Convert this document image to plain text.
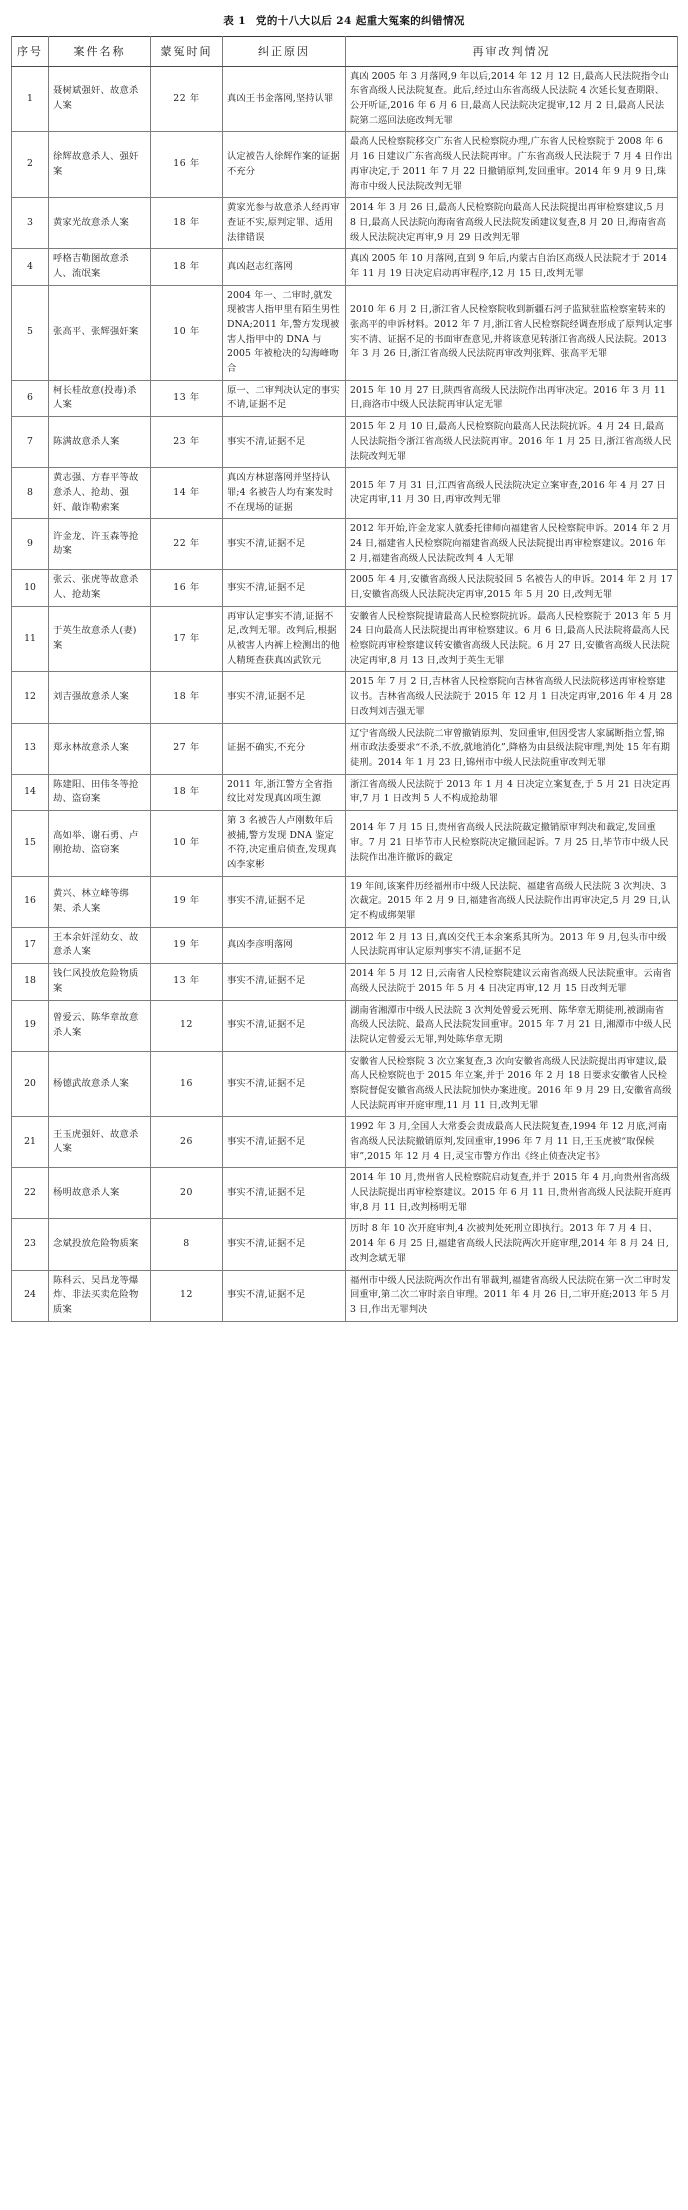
表 1 党的十八大以后 24 起重大冤案的纠错情况
序号	案件名称	蒙冤时间	纠正原因	再审改判情况
1	聂树斌强奸、故意杀人案	22 年	真凶王书金落网,坚持认罪	真凶 2005 年 3 月落网,9 年以后,2014 年 12 月 12 日,最高人民法院指令山东省高级人民法院复查。此后,经过山东省高级人民法院 4 次延长复查期限、公开听证,2016 年 6 月 6 日,最高人民法院决定提审,12 月 2 日,最高人民法院第二巡回法庭改判无罪
2	徐辉故意杀人、强奸案	16 年	认定被告人徐辉作案的证据不充分	最高人民检察院移交广东省人民检察院办理,广东省人民检察院于 2008 年 6 月 16 日建议广东省高级人民法院再审。广东省高级人民法院于 7 月 4 日作出再审决定,于 2011 年 7 月 22 日撤销原判,发回重审。2014 年 9 月 9 日,珠海市中级人民法院改判无罪
3	黄家光故意杀人案	18 年	黄家光参与故意杀人经再审查证不实,原判定罪、适用法律错误	2014 年 3 月 26 日,最高人民检察院向最高人民法院提出再审检察建议,5 月 8 日,最高人民法院向海南省高级人民法院发函建议复查,8 月 20 日,海南省高级人民法院决定再审,9 月 29 日改判无罪
4	呼格吉勒图故意杀人、流氓案	18 年	真凶赵志红落网	真凶 2005 年 10 月落网,直到 9 年后,内蒙古自治区高级人民法院才于 2014 年 11 月 19 日决定启动再审程序,12 月 15 日,改判无罪
5	张高平、张辉强奸案	10 年	2004 年一、二审时,就发现被害人指甲里有陌生男性 DNA;2011 年,警方发现被害人指甲中的 DNA 与 2005 年被枪决的勾海峰吻合	2010 年 6 月 2 日,浙江省人民检察院收到新疆石河子监狱驻监检察室转来的张高平的申诉材料。2012 年 7 月,浙江省人民检察院经调查形成了原判认定事实不清、证据不足的书面审查意见,并将该意见转浙江省高级人民法院。2013 年 3 月 26 日,浙江省高级人民法院再审改判张辉、张高平无罪
6	柯长桂故意(投毒)杀人案	13 年	原一、二审判决认定的事实不请,证据不足	2015 年 10 月 27 日,陕西省高级人民法院作出再审决定。2016 年 3 月 11 日,商洛市中级人民法院再审认定无罪
7	陈满故意杀人案	23 年	事实不清,证据不足	2015 年 2 月 10 日,最高人民检察院向最高人民法院抗诉。4 月 24 日,最高人民法院指令浙江省高级人民法院再审。2016 年 1 月 25 日,浙江省高级人民法院改判无罪
8	黄志强、方春平等故意杀人、抢劫、强奸、敲诈勒索案	14 年	真凶方林崽落网并坚持认罪;4 名被告人均有案发时不在现场的证据	2015 年 7 月 31 日,江西省高级人民法院决定立案审查,2016 年 4 月 27 日决定再审,11 月 30 日,再审改判无罪
9	许金龙、许玉森等抢劫案	22 年	事实不清,证据不足	2012 年开始,许金龙家人就委托律师向福建省人民检察院申诉。2014 年 2 月 24 日,福建省人民检察院向福建省高级人民法院提出再审检察建议。2016 年 2 月,福建省高级人民法院改判 4 人无罪
10	张云、张虎等故意杀人、抢劫案	16 年	事实不清,证据不足	2005 年 4 月,安徽省高级人民法院驳回 5 名被告人的申诉。2014 年 2 月 17 日,安徽省高级人民法院决定再审,2015 年 5 月 20 日,改判无罪
11	于英生故意杀人(妻)案	17 年	再审认定事实不清,证据不足,改判无罪。改判后,根据从被害人内裤上检测出的他人精斑查获真凶武钦元	安徽省人民检察院提请最高人民检察院抗诉。最高人民检察院于 2013 年 5 月 24 日向最高人民法院提出再审检察建议。6 月 6 日,最高人民法院将最高人民检察院再审检察建议转安徽省高级人民法院。6 月 27 日,安徽省高级人民法院决定再审,8 月 13 日,改判于英生无罪
12	刘吉强故意杀人案	18 年	事实不清,证据不足	2015 年 7 月 2 日,吉林省人民检察院向吉林省高级人民法院移送再审检察建议书。吉林省高级人民法院于 2015 年 12 月 1 日决定再审,2016 年 4 月 28 日改判刘吉强无罪
13	郑永林故意杀人案	27 年	证据不确实,不充分	辽宁省高级人民法院二审曾撤销原判、发回重审,但因受害人家属断指立誓,锦州市政法委要求“不杀,不放,就地消化”,降格为由县级法院审理,判处 15 年有期徒刑。2014 年 1 月 23 日,锦州市中级人民法院重审改判无罪
14	陈建阳、田伟冬等抢劫、盗窃案	18 年	2011 年,浙江警方全省指纹比对发现真凶项生源	浙江省高级人民法院于 2013 年 1 月 4 日决定立案复查,于 5 月 21 日决定再审,7 月 1 日改判 5 人不构成抢劫罪
15	高如举、谢石勇、卢刚抢劫、盗窃案	10 年	第 3 名被告人卢刚数年后被捕,警方发现 DNA 鉴定不符,决定重启侦查,发现真凶李家彬	2014 年 7 月 15 日,贵州省高级人民法院裁定撤销原审判决和裁定,发回重审。7 月 21 日毕节市人民检察院决定撤回起诉。7 月 25 日,毕节市中级人民法院作出准许撤诉的裁定
16	黄兴、林立峰等绑架、杀人案	19 年	事实不清,证据不足	19 年间,该案件历经福州市中级人民法院、福建省高级人民法院 3 次判决、3 次裁定。2015 年 2 月 9 日,福建省高级人民法院作出再审决定,5 月 29 日,认定不构成绑架罪
17	王本余奸淫幼女、故意杀人案	19 年	真凶李彦明落网	2012 年 2 月 13 日,真凶交代王本余案系其所为。2013 年 9 月,包头市中级人民法院再审认定原判事实不清,证据不足
18	钱仁风投放危险物质案	13 年	事实不清,证据不足	2014 年 5 月 12 日,云南省人民检察院建议云南省高级人民法院重审。云南省高级人民法院于 2015 年 5 月 4 日决定再审,12 月 15 日改判无罪
19	曾爱云、陈华章故意杀人案	12	事实不清,证据不足	湖南省湘潭市中级人民法院 3 次判处曾爱云死刑、陈华章无期徒刑,被湖南省高级人民法院、最高人民法院发回重审。2015 年 7 月 21 日,湘潭市中级人民法院认定曾爱云无罪,判处陈华章无期
20	杨德武故意杀人案	16	事实不清,证据不足	安徽省人民检察院 3 次立案复查,3 次向安徽省高级人民法院提出再审建议,最高人民检察院也于 2015 年立案,并于 2016 年 2 月 18 日要求安徽省人民检察院督促安徽省高级人民法院加快办案进度。2016 年 9 月 29 日,安徽省高级人民法院再审开庭审理,11 月 11 日,改判无罪
21	王玉虎强奸、故意杀人案	26	事实不清,证据不足	1992 年 3 月,全国人大常委会责成最高人民法院复查,1994 年 12 月底,河南省高级人民法院撤销原判,发回重审,1996 年 7 月 11 日,王玉虎被“取保候审”,2015 年 12 月 4 日,灵宝市警方作出《终止侦查决定书》
22	杨明故意杀人案	20	事实不清,证据不足	2014 年 10 月,贵州省人民检察院启动复查,并于 2015 年 4 月,向贵州省高级人民法院提出再审检察建议。2015 年 6 月 11 日,贵州省高级人民法院开庭再审,8 月 11 日,改判杨明无罪
23	念斌投放危险物质案	8	事实不清,证据不足	历时 8 年 10 次开庭审判,4 次被判处死刑立即执行。2013 年 7 月 4 日、2014 年 6 月 25 日,福建省高级人民法院两次开庭审理,2014 年 8 月 24 日,改判念斌无罪
24	陈科云、吴昌龙等爆炸、非法买卖危险物质案	12	事实不清,证据不足	福州市中级人民法院两次作出有罪裁判,福建省高级人民法院在第一次二审时发回重审,第二次二审时亲自审理。2011 年 4 月 26 日,二审开庭;2013 年 5 月 3 日,作出无罪判决
